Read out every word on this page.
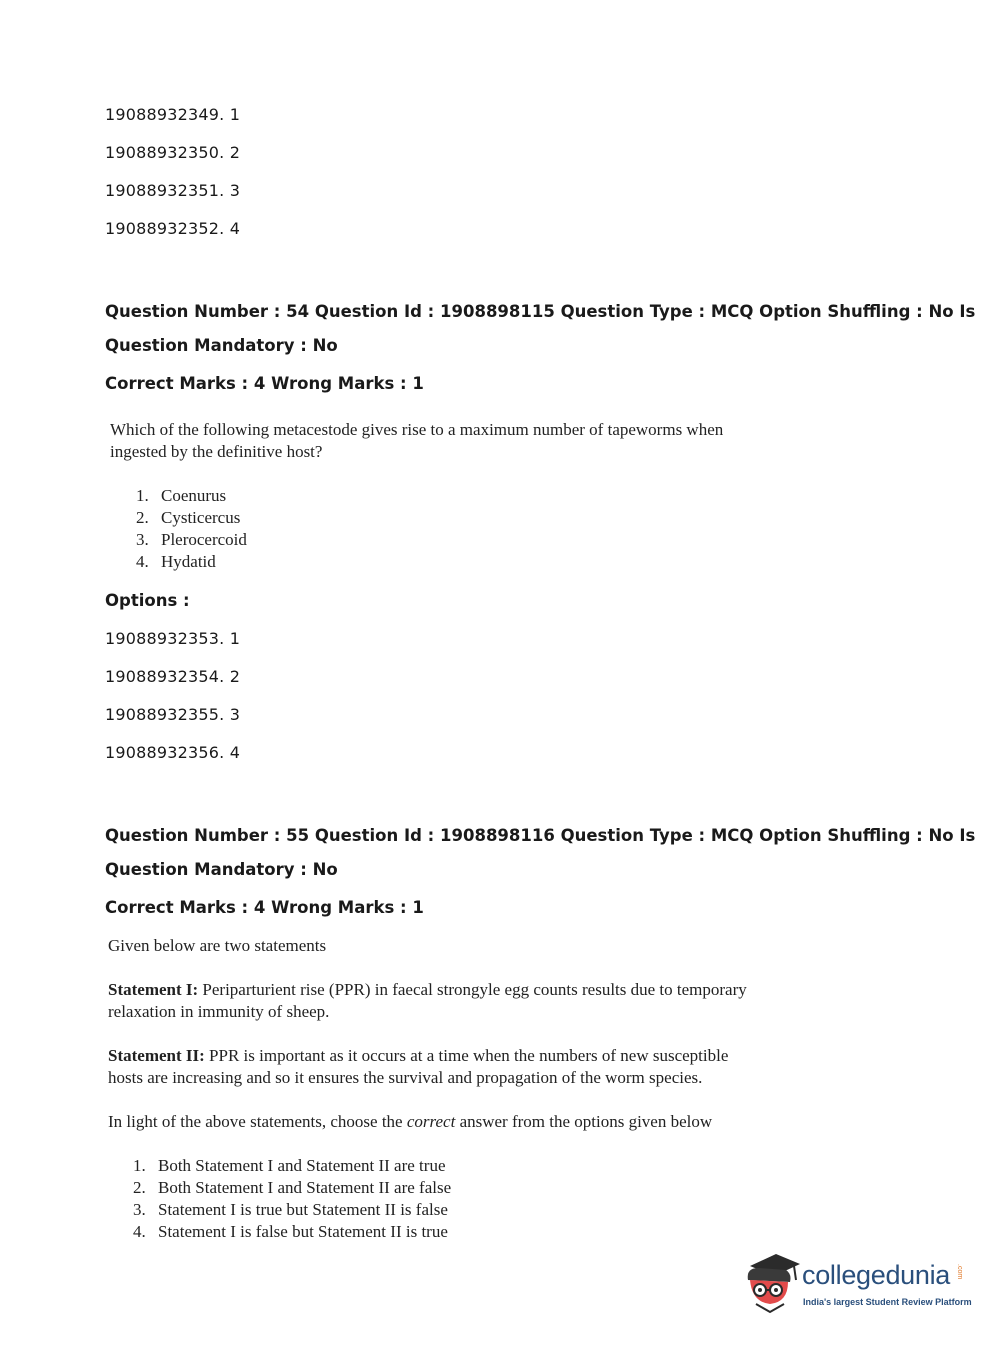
19088932349. 1
19088932350. 2
19088932351. 3
19088932352. 4
Question Number : 54 Question Id : 1908898115 Question Type : MCQ Option Shuffling : No Is
Question Mandatory : No
Correct Marks : 4 Wrong Marks : 1
Which of the following metacestode gives rise to a maximum number of tapeworms when
ingested by the definitive host?
1. Coenurus
2. Cysticercus
3. Plerocercoid
4. Hydatid
Options :
19088932353. 1
19088932354. 2
19088932355. 3
19088932356. 4
Question Number : 55 Question Id : 1908898116 Question Type : MCQ Option Shuffling : No Is
Question Mandatory : No
Correct Marks : 4 Wrong Marks : 1
Given below are two statements
Statement I: Periparturient rise (PPR) in faecal strongyle egg counts results due to temporary
relaxation in immunity of sheep.
Statement II: PPR is important as it occurs at a time when the numbers of new susceptible
hosts are increasing and so it ensures the survival and propagation of the worm species.
In light of the above statements, choose the correct answer from the options given below
1. Both Statement I and Statement II are true
2. Both Statement I and Statement II are false
3. Statement I is true but Statement II is false
4. Statement I is false but Statement II is true
collegedunia .com
India's largest Student Review Platform
